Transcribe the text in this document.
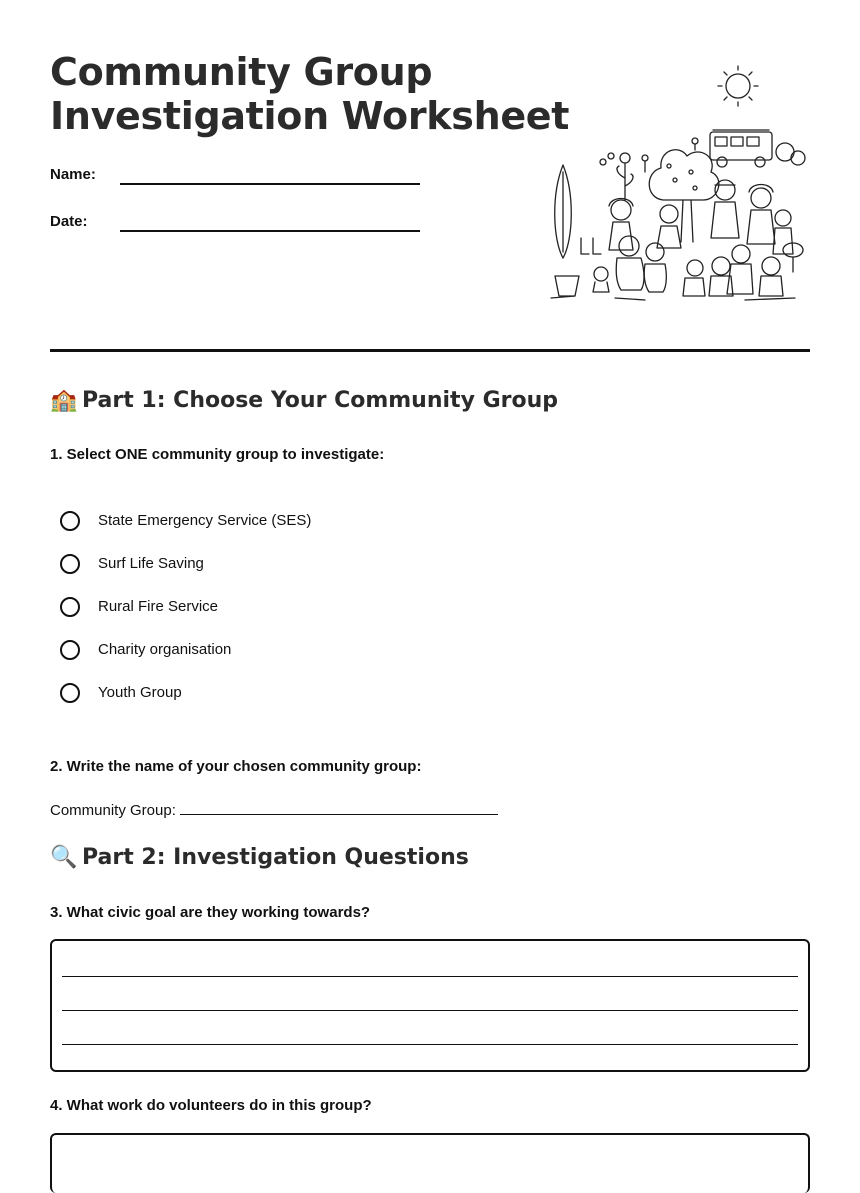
Community Group
Investigation Worksheet
Name:
Date:
🏫 Part 1: Choose Your Community Group

1. Select ONE community group to investigate:

State Emergency Service (SES)
Surf Life Saving
Rural Fire Service
Charity organisation
Youth Group

2. Write the name of your chosen community group:

Community Group:
🔍 Part 2: Investigation Questions

3. What civic goal are they working towards?

4. What work do volunteers do in this group?
